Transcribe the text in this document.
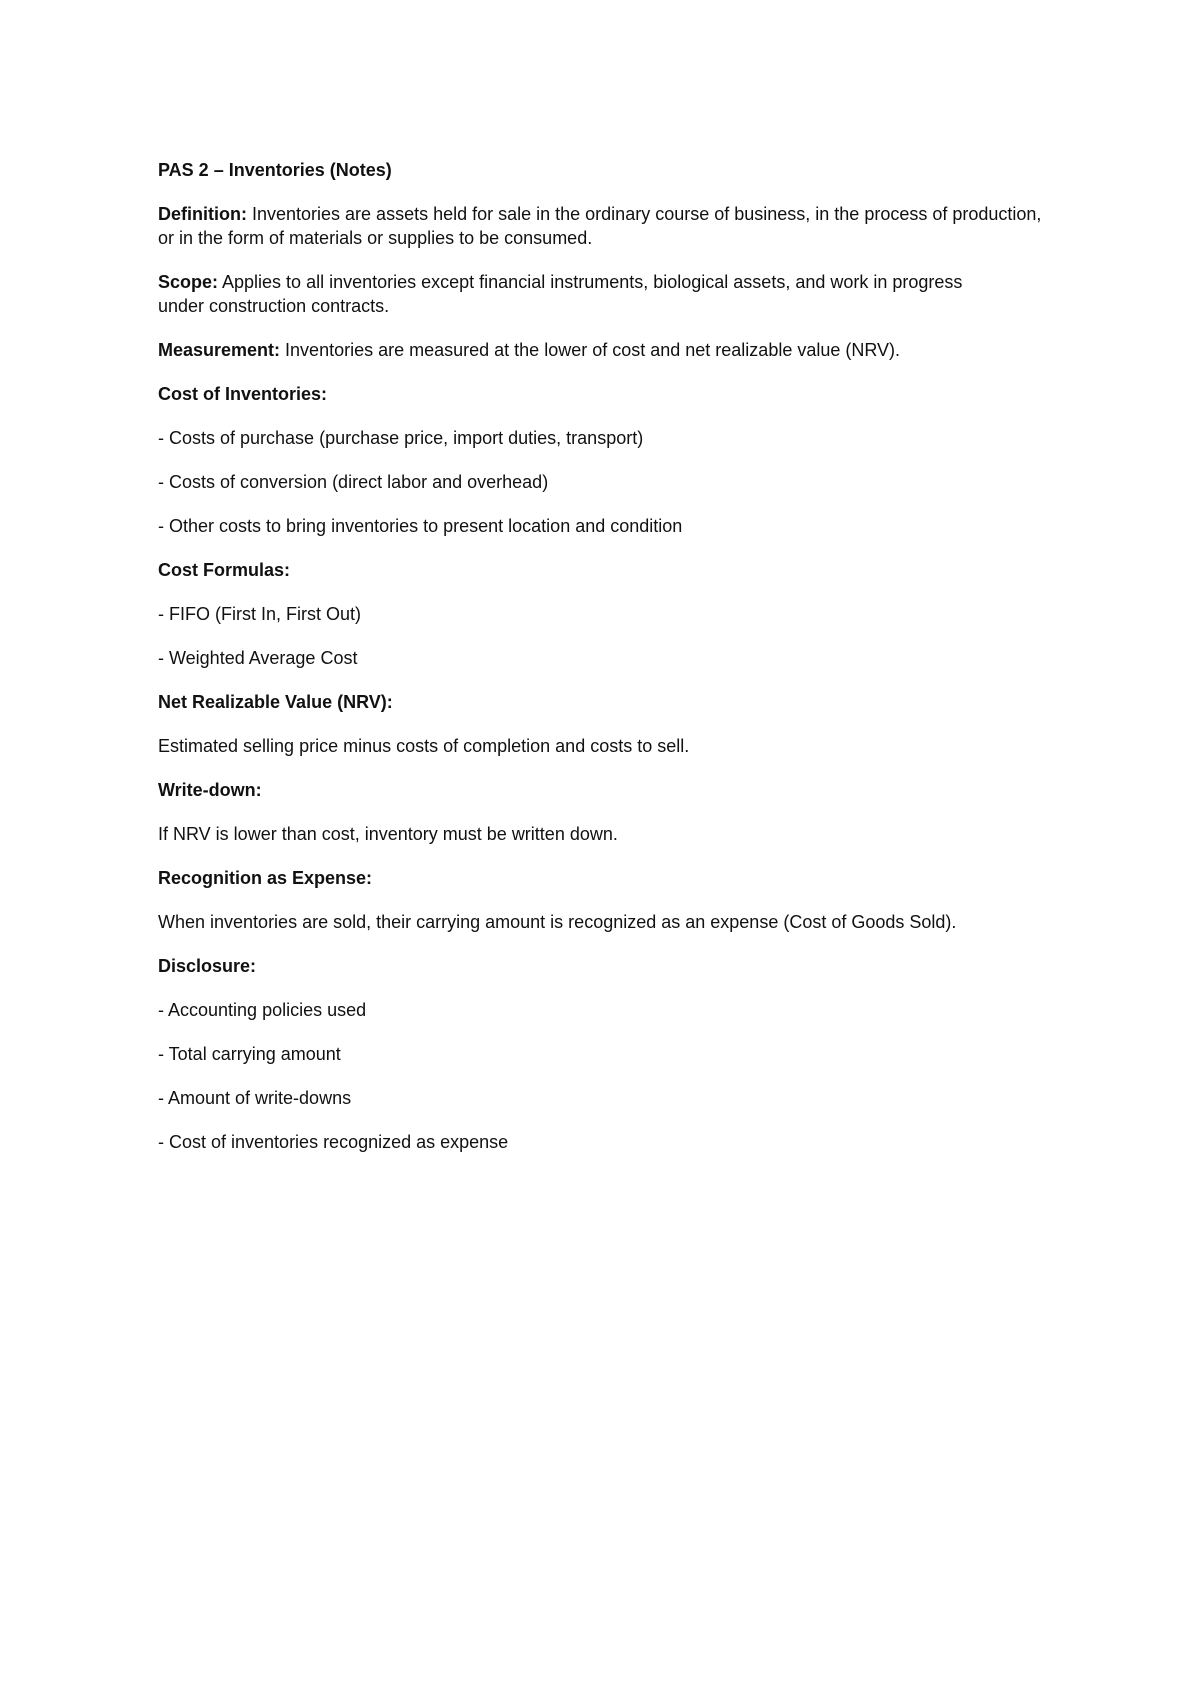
PAS 2 – Inventories (Notes)

Definition: Inventories are assets held for sale in the ordinary course of business, in the process of production, or in the form of materials or supplies to be consumed.

Scope: Applies to all inventories except financial instruments, biological assets, and work in progress under construction contracts.

Measurement: Inventories are measured at the lower of cost and net realizable value (NRV).

Cost of Inventories:

- Costs of purchase (purchase price, import duties, transport)

- Costs of conversion (direct labor and overhead)

- Other costs to bring inventories to present location and condition

Cost Formulas:

- FIFO (First In, First Out)

- Weighted Average Cost

Net Realizable Value (NRV):

Estimated selling price minus costs of completion and costs to sell.

Write-down:

If NRV is lower than cost, inventory must be written down.

Recognition as Expense:

When inventories are sold, their carrying amount is recognized as an expense (Cost of Goods Sold).

Disclosure:

- Accounting policies used

- Total carrying amount

- Amount of write-downs

- Cost of inventories recognized as expense
